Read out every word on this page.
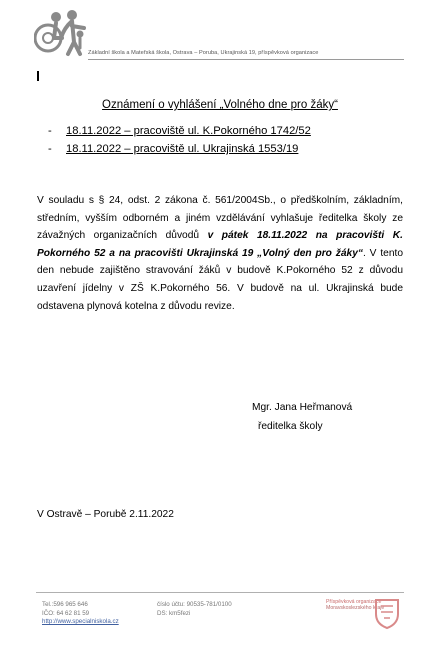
Základní škola a Mateřská škola, Ostrava – Poruba, Ukrajinská 19, příspěvková organizace
Oznámení o vyhlášení „Volného dne pro žáky“
- 18.11.2022 – pracoviště ul. K.Pokorného 1742/52
- 18.11.2022 – pracoviště ul. Ukrajinská 1553/19
V souladu s § 24, odst. 2 zákona č. 561/2004Sb., o předškolním, základním, středním, vyšším odborném a jiném vzdělávání vyhlašuje ředitelka školy ze závažných organizačních důvodů v pátek 18.11.2022 na pracovišti K. Pokorného 52 a na pracovišti Ukrajinská 19 „Volný den pro žáky“. V tento den nebude zajištěno stravování žáků v budově K.Pokorného 52 z důvodu uzavření jídelny v ZŠ K.Pokorného 56. V budově na ul. Ukrajinská bude odstavena plynová kotelna z důvodu revize.
Mgr. Jana Heřmanová
ředitelka školy
V Ostravě – Porubě 2.11.2022
Tel.:596 965 646
IČO: 64 62 81 59
http://www.specialniskola.cz
číslo účtu: 90535-781/0100
DS: km5fezi
Příspěvková organizace
Moravskoslezského kraje
